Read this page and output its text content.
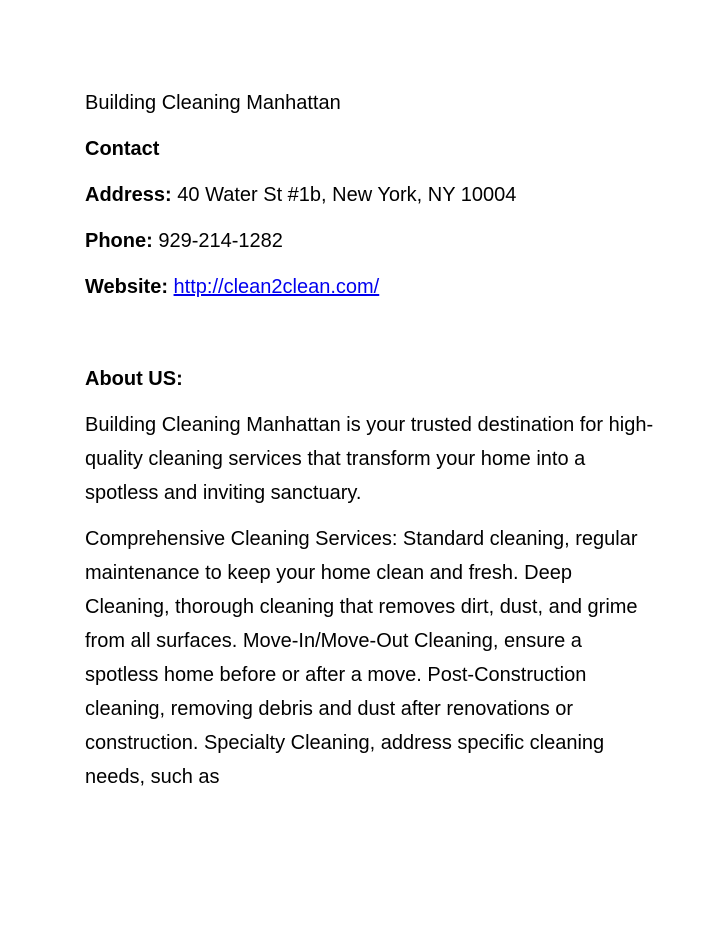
Building Cleaning Manhattan

Contact

Address: 40 Water St #1b, New York, NY 10004

Phone: 929-214-1282

Website: http://clean2clean.com/

About US:

Building Cleaning Manhattan is your trusted destination for high-quality cleaning services that transform your home into a spotless and inviting sanctuary.

Comprehensive Cleaning Services: Standard cleaning, regular maintenance to keep your home clean and fresh. Deep Cleaning, thorough cleaning that removes dirt, dust, and grime from all surfaces. Move-In/Move-Out Cleaning, ensure a spotless home before or after a move. Post-Construction cleaning, removing debris and dust after renovations or construction. Specialty Cleaning, address specific cleaning needs, such as
